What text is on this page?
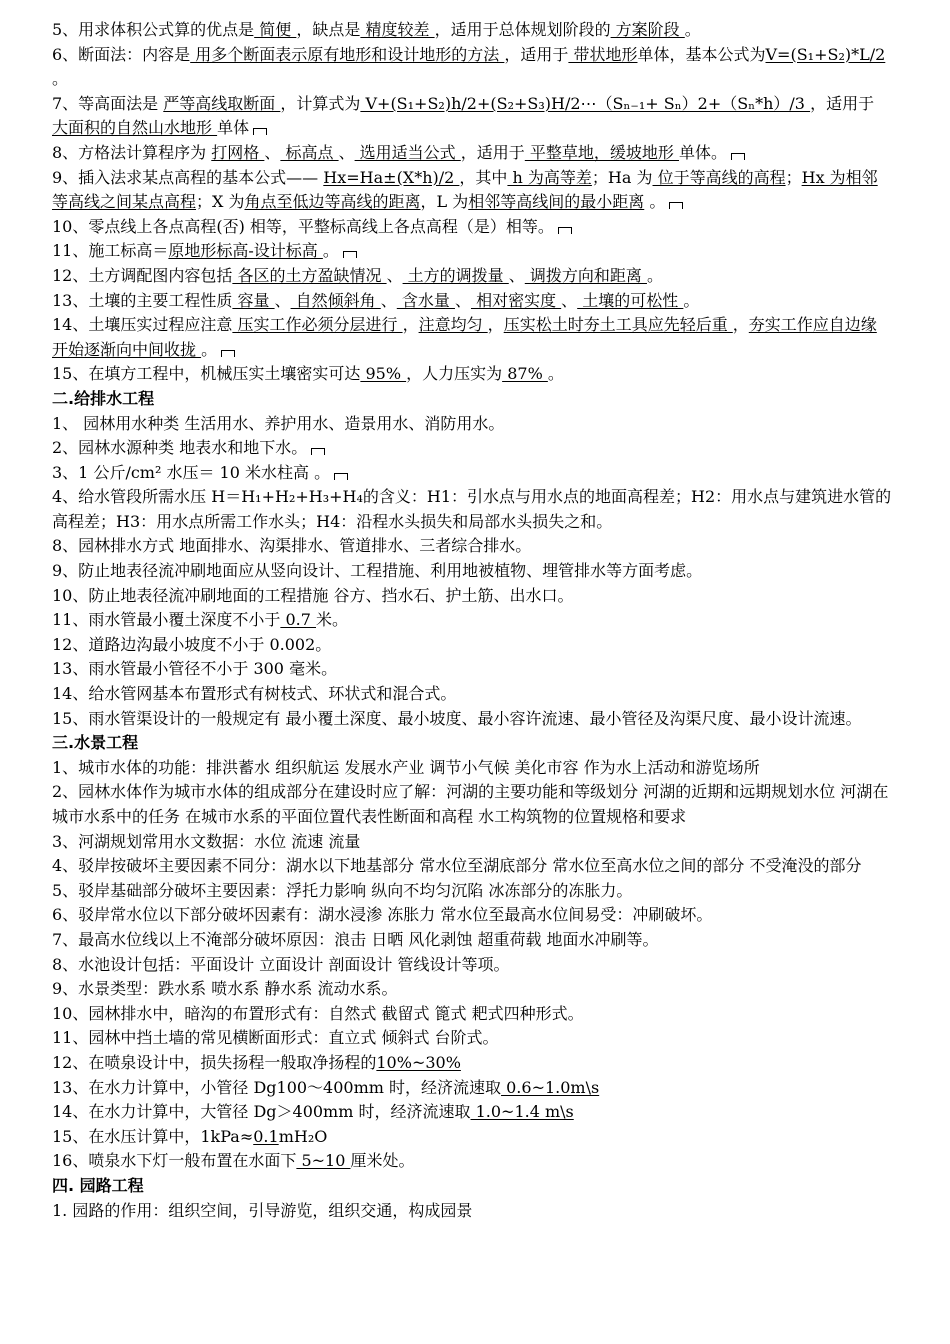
5、用求体积公式算的优点是 简便 ，缺点是 精度较差 ，适用于总体规划阶段的 方案阶段 。

6、断面法：内容是 用多个断面表示原有地形和设计地形的方法 ，适用于 带状地形单体，基本公式为V=(S₁+S₂)*L/2 。

7、等高面法是 严等高线取断面 ，计算式为 V+(S₁+S₂)h/2+(S₂+S₃)H/2⋯（Sₙ₋₁+ Sₙ）2+（Sₙ*h）/3 ，适用于 大面积的自然山水地形 单体

8、方格法计算程序为 打网格 、 标高点 、 选用适当公式 ，适用于 平整草地，缓坡地形 单体。

9、插入法求某点高程的基本公式—— Hx=Ha±(X*h)/2 ，其中 h 为高等差；Ha 为 位于等高线的高程；Hx 为相邻等高线之间某点高程；X 为角点至低边等高线的距离，L 为相邻等高线间的最小距离 。

10、零点线上各点高程(否) 相等，平整标高线上各点高程（是）相等。

11、施工标高＝原地形标高-设计标高 。

12、土方调配图内容包括 各区的土方盈缺情况 、 土方的调拨量 、 调拨方向和距离 。

13、土壤的主要工程性质 容量 、 自然倾斜角 、 含水量 、 相对密实度 、 土壤的可松性 。

14、土壤压实过程应注意 压实工作必须分层进行 ，注意均匀 ，压实松土时夯土工具应先轻后重 ，夯实工作应自边缘开始逐渐向中间收拢 。

15、在填方工程中，机械压实土壤密实可达 95% ，人力压实为 87% 。

二.给排水工程

1、 园林用水种类 生活用水、养护用水、造景用水、消防用水。

2、园林水源种类 地表水和地下水。

3、1 公斤/cm² 水压＝ 10 米水柱高 。

4、给水管段所需水压 H＝H₁+H₂+H₃+H₄的含义：H1：引水点与用水点的地面高程差；H2：用水点与建筑进水管的高程差；H3：用水点所需工作水头；H4：沿程水头损失和局部水头损失之和。

8、园林排水方式 地面排水、沟渠排水、管道排水、三者综合排水。

9、防止地表径流冲刷地面应从竖向设计、工程措施、利用地被植物、埋管排水等方面考虑。

10、防止地表径流冲刷地面的工程措施 谷方、挡水石、护土筋、出水口。

11、雨水管最小覆土深度不小于 0.7 米。

12、道路边沟最小坡度不小于 0.002。

13、雨水管最小管径不小于 300 毫米。

14、给水管网基本布置形式有树枝式、环状式和混合式。

15、雨水管渠设计的一般规定有 最小覆土深度、最小坡度、最小容许流速、最小管径及沟渠尺度、最小设计流速。

三.水景工程

1、城市水体的功能：排洪蓄水 组织航运 发展水产业 调节小气候 美化市容 作为水上活动和游览场所

2、园林水体作为城市水体的组成部分在建设时应了解：河湖的主要功能和等级划分 河湖的近期和远期规划水位 河湖在城市水系中的任务 在城市水系的平面位置代表性断面和高程 水工构筑物的位置规格和要求

3、河湖规划常用水文数据：水位 流速 流量

4、驳岸按破坏主要因素不同分：湖水以下地基部分 常水位至湖底部分 常水位至高水位之间的部分 不受淹没的部分

5、驳岸基础部分破坏主要因素：浮托力影响 纵向不均匀沉陷 冰冻部分的冻胀力。

6、驳岸常水位以下部分破坏因素有：湖水浸渗 冻胀力 常水位至最高水位间易受：冲刷破坏。

7、最高水位线以上不淹部分破坏原因：浪击 日晒 风化剥蚀 超重荷载 地面水冲刷等。

8、水池设计包括：平面设计 立面设计 剖面设计 管线设计等项。

9、水景类型：跌水系 喷水系 静水系 流动水系。

10、园林排水中，暗沟的布置形式有：自然式 截留式 篦式 耙式四种形式。

11、园林中挡土墙的常见横断面形式：直立式 倾斜式 台阶式。

12、在喷泉设计中，损失扬程一般取净扬程的10%~30%

13、在水力计算中，小管径 Dg100～400mm 时，经济流速取 0.6~1.0m\s

14、在水力计算中，大管径 Dg＞400mm 时，经济流速取 1.0~1.4 m\s

15、在水压计算中，1kPa≈0.1mH₂O

16、喷泉水下灯一般布置在水面下 5~10 厘米处。

四. 园路工程

1. 园路的作用：组织空间，引导游览，组织交通，构成园景
